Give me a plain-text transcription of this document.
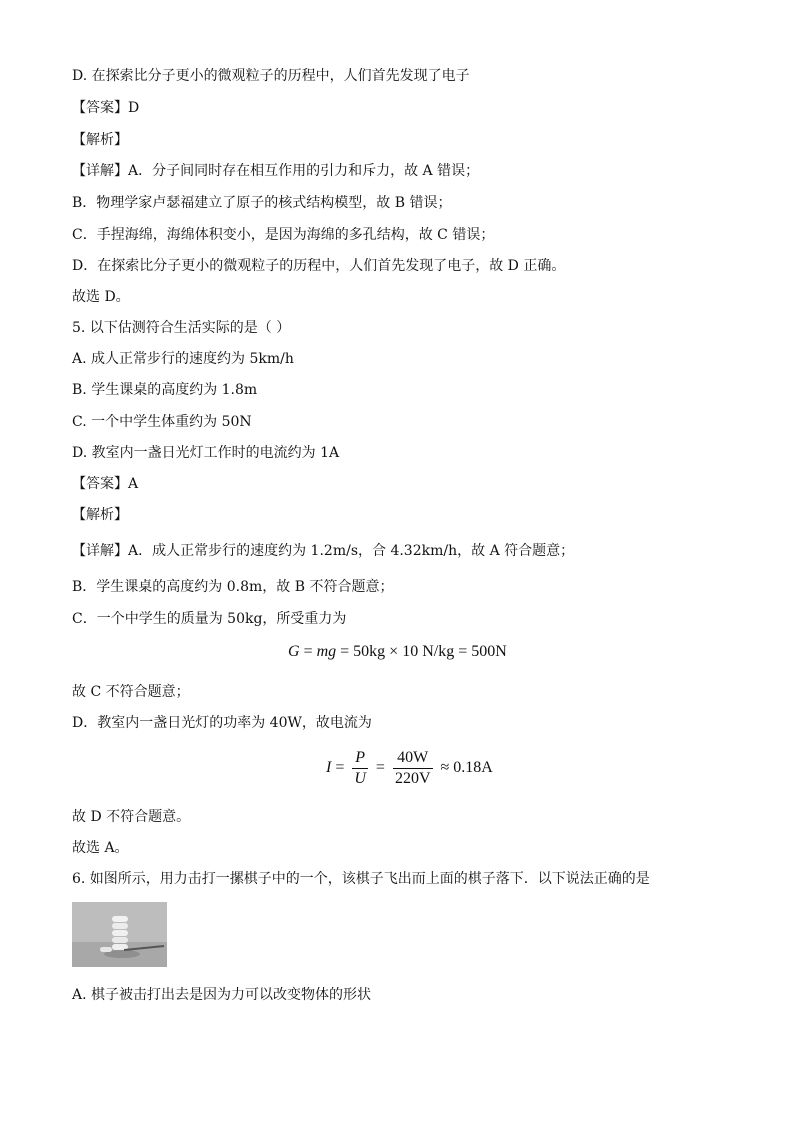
D. 在探索比分子更小的微观粒子的历程中，人们首先发现了电子
【答案】D
【解析】
【详解】A．分子间同时存在相互作用的引力和斥力，故 A 错误；
B．物理学家卢瑟福建立了原子的核式结构模型，故 B 错误；
C．手捏海绵，海绵体积变小，是因为海绵的多孔结构，故 C 错误；
D．在探索比分子更小的微观粒子的历程中，人们首先发现了电子，故 D 正确。
故选 D。
5. 以下估测符合生活实际的是（ ）
A. 成人正常步行的速度约为 5km/h
B. 学生课桌的高度约为 1.8m
C. 一个中学生体重约为 50N
D. 教室内一盏日光灯工作时的电流约为 1A
【答案】A
【解析】
【详解】A．成人正常步行的速度约为 1.2m/s，合 4.32km/h，故 A 符合题意；
B．学生课桌的高度约为 0.8m，故 B 不符合题意；
C．一个中学生的质量为 50kg，所受重力为
G = mg = 50kg × 10 N/kg = 500N
故 C 不符合题意；
D．教室内一盏日光灯的功率为 40W，故电流为
$I = \frac{P}{U} = \frac{40W}{220V} \approx 0.18A$
故 D 不符合题意。
故选 A。
6. 如图所示，用力击打一摞棋子中的一个，该棋子飞出而上面的棋子落下．以下说法正确的是
A. 棋子被击打出去是因为力可以改变物体的形状
